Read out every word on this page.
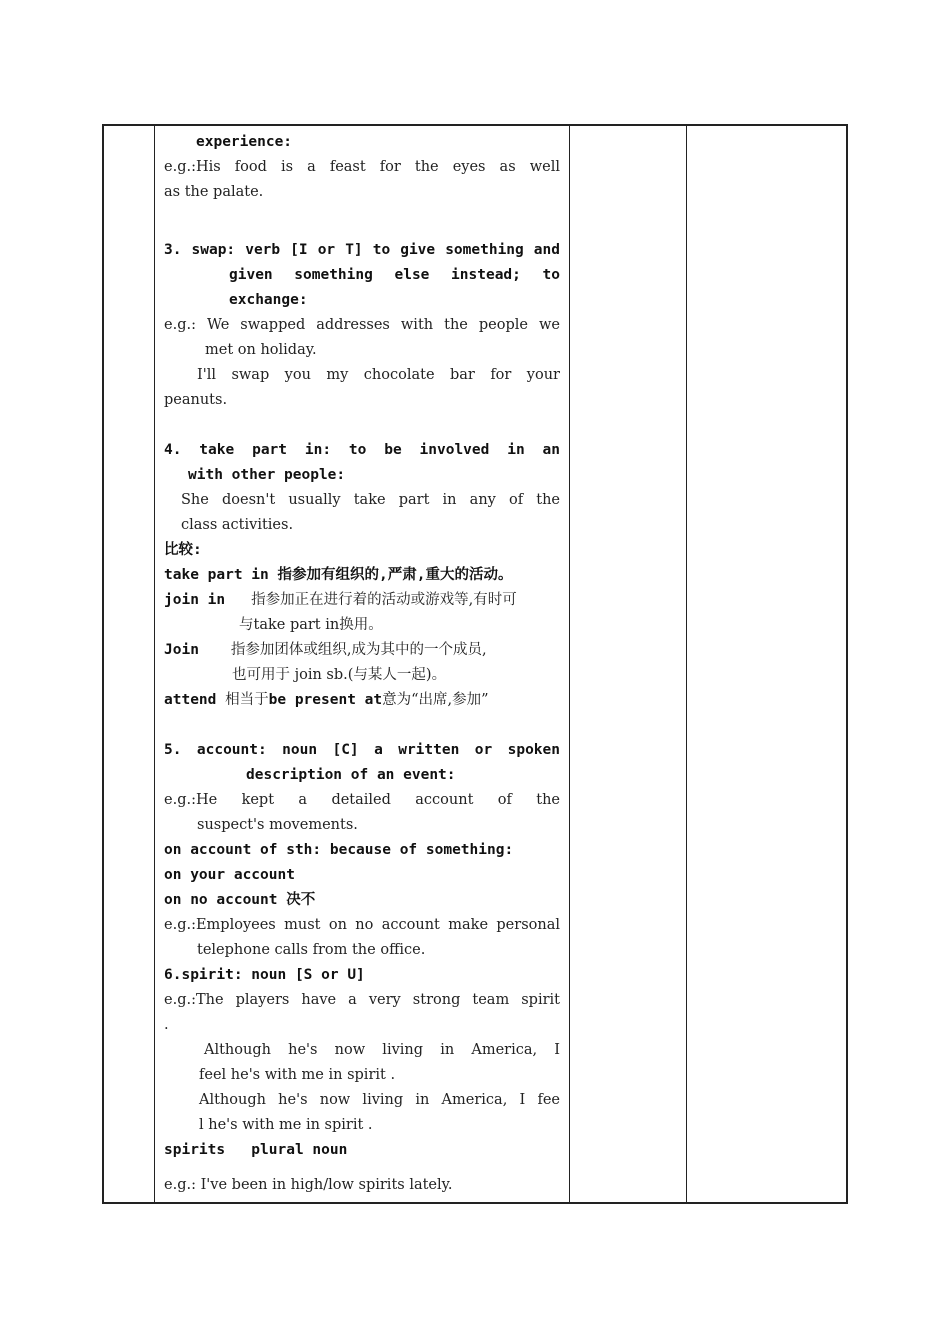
experience:
e.g.:His food is a feast for the eyes as well
as the palate.
3. swap: verb [I or T] to give something and
given something else instead; to
exchange:
e.g.: We swapped addresses with the people we
met on holiday.
I'll swap you my chocolate bar for your
peanuts.
4. take part in: to be involved in an
with other people:
She doesn't usually take part in any of the
class activities.
比较:
take part in 指参加有组织的,严肃,重大的活动。
join in 指参加正在进行着的活动或游戏等,有时可
与take part in换用。
Join 指参加团体或组织,成为其中的一个成员,
也可用于 join sb.(与某人一起)。
attend 相当于be present at意为“出席,参加”
5. account: noun [C] a written or spoken
description of an event:
e.g.:He kept a detailed account of the
suspect's movements.
on account of sth: because of something:
on your account
on no account 决不
e.g.:Employees must on no account make personal
telephone calls from the office.
6.spirit: noun [S or U]
e.g.:The players have a very strong team spirit
.
Although he's now living in America, I
feel he's with me in spirit .
Although he's now living in America, I fee
l he's with me in spirit .
spirits   plural noun
e.g.: I've been in high/low spirits lately.
